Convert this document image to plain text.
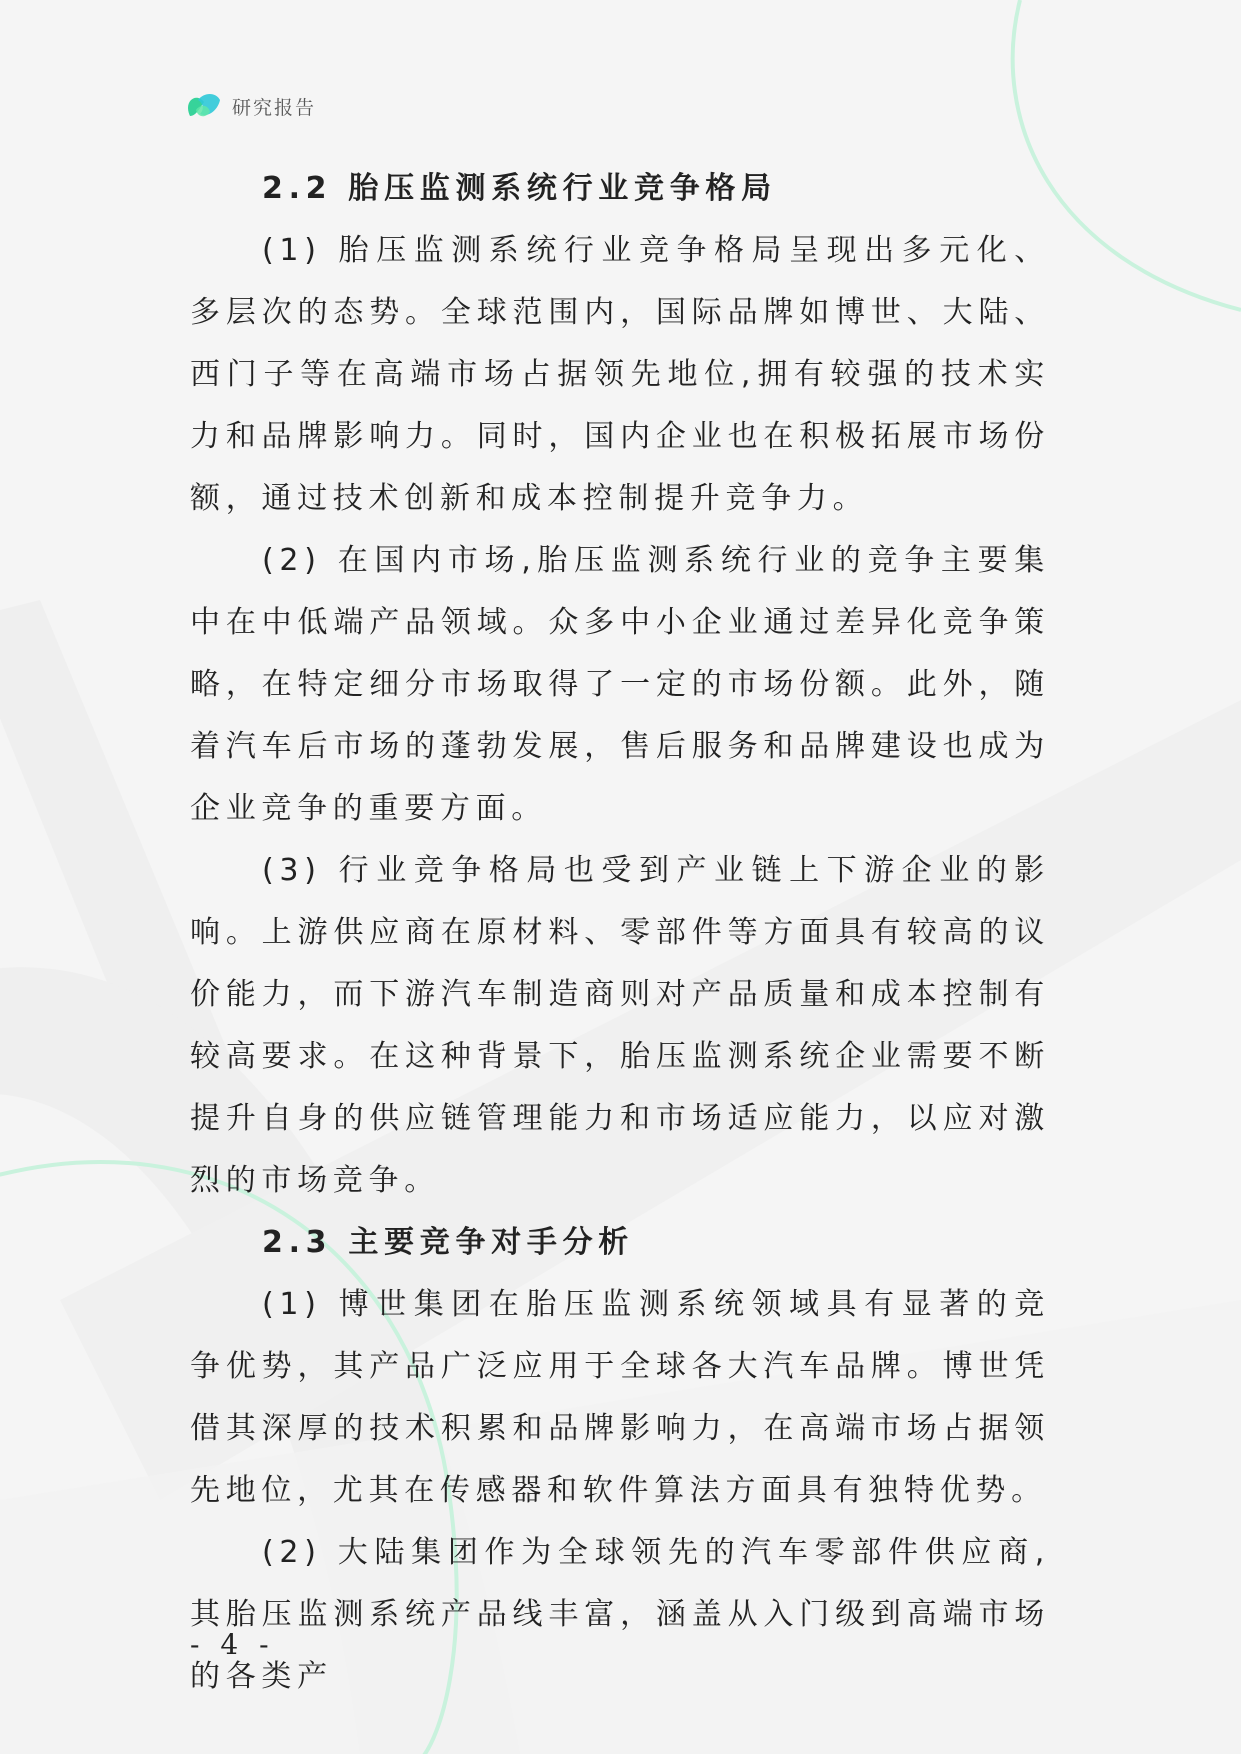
研究报告
2.2 胎压监测系统行业竞争格局

(1) 胎压监测系统行业竞争格局呈现出多元化、多层次的态势。全球范围内，国际品牌如博世、大陆、西门子等在高端市场占据领先地位,拥有较强的技术实力和品牌影响力。同时，国内企业也在积极拓展市场份额，通过技术创新和成本控制提升竞争力。

(2) 在国内市场,胎压监测系统行业的竞争主要集中在中低端产品领域。众多中小企业通过差异化竞争策略，在特定细分市场取得了一定的市场份额。此外，随着汽车后市场的蓬勃发展，售后服务和品牌建设也成为企业竞争的重要方面。

(3) 行业竞争格局也受到产业链上下游企业的影响。上游供应商在原材料、零部件等方面具有较高的议价能力，而下游汽车制造商则对产品质量和成本控制有较高要求。在这种背景下，胎压监测系统企业需要不断提升自身的供应链管理能力和市场适应能力，以应对激烈的市场竞争。

2.3 主要竞争对手分析

(1) 博世集团在胎压监测系统领域具有显著的竞争优势，其产品广泛应用于全球各大汽车品牌。博世凭借其深厚的技术积累和品牌影响力，在高端市场占据领先地位，尤其在传感器和软件算法方面具有独特优势。

(2) 大陆集团作为全球领先的汽车零部件供应商,其胎压监测系统产品线丰富，涵盖从入门级到高端市场的各类产

- 4 -
